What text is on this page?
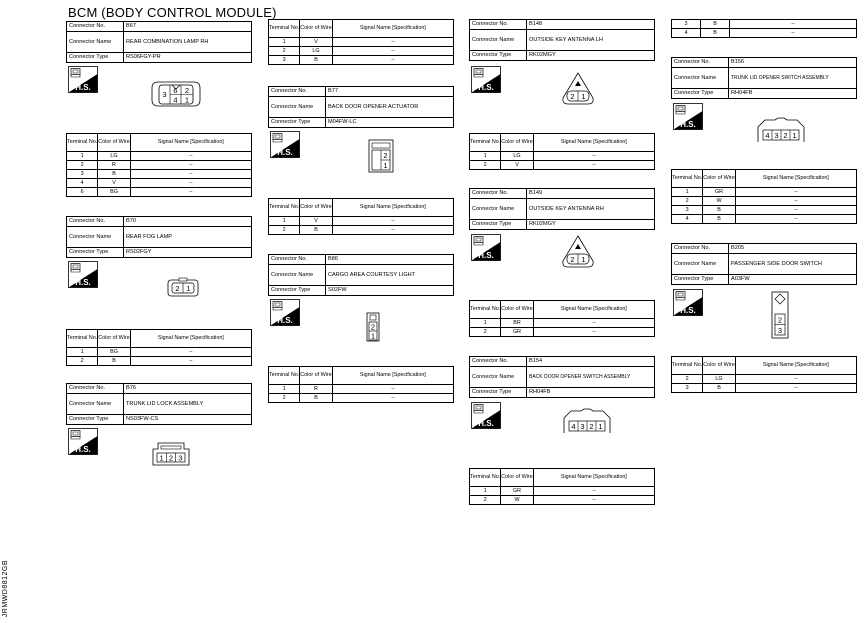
BCM (BODY CONTROL MODULE)
Connector No.	B67
Connector Name	REAR COMBINATION LAMP RH
Connector Type	RS06FGY-PR
H.S.
3 6 2
4 1
Terminal No.	Color of Wire	Signal Name [Specification]
1	LG	–
2	R	–
3	B	–
4	V	–
6	BG	–
Connector No.	B70
Connector Name	REAR FOG LAMP
Connector Type	RS02FGY
H.S.
2 1
Terminal No.	Color of Wire	Signal Name [Specification]
1	BG	–
2	B	–
Connector No.	B76
Connector Name	TRUNK LID LOCK ASSEMBLY
Connector Type	NS03FW-CS
H.S.
1 2 3
Terminal No.	Color of Wire	Signal Name [Specification]
1	V	–
2	LG	–
3	B	–
Connector No.	B77
Connector Name	BACK DOOR OPENER ACTUATOR
Connector Type	M04FW-LC
H.S.	2
1
Terminal No.	Color of Wire	Signal Name [Specification]
1	V	–
2	B	–
Connector No.	B86
Connector Name	CARGO AREA COURTESY LIGHT
Connector Type	S02FW
H.S.
2
1
Terminal No.	Color of Wire	Signal Name [Specification]
1	R	–
2	B	–
Connector No.	B148
Connector Name	OUTSIDE KEY ANTENNA LH
Connector Type	RK02MGY
H.S.
2 1
Terminal No.	Color of Wire	Signal Name [Specification]
1	LG	–
2	V	–
Connector No.	B149
Connector Name	OUTSIDE KEY ANTENNA RH
Connector Type	RK02MGY
H.S.	2 1
Terminal No.	Color of Wire	Signal Name [Specification]
1	BR	–
2	GR	–
Connector No.	B154
Connector Name	BACK DOOR OPENER SWITCH ASSEMBLY
Connector Type	RH04FB
H.S.	4 3 2 1
Terminal No.	Color of Wire	Signal Name [Specification]
1	GR	–
2	W	–
3	B	–
4	B	–
Connector No.	B156
Connector Name	TRUNK LID OPENER SWITCH ASSEMBLY
Connector Type	RH04FB
H.S.
4 3 2 1
Terminal No.	Color of Wire	Signal Name [Specification]
1	GR	–
2	W	–
3	B	–
4	B	–
Connector No.	B205
Connector Name	PASSENGER SIDE DOOR SWITCH
Connector Type	A03FW
H.S.
2
3
Terminal No.	Color of Wire	Signal Name [Specification]
2	LG	–
3	B	–
JRMWD8812GB
